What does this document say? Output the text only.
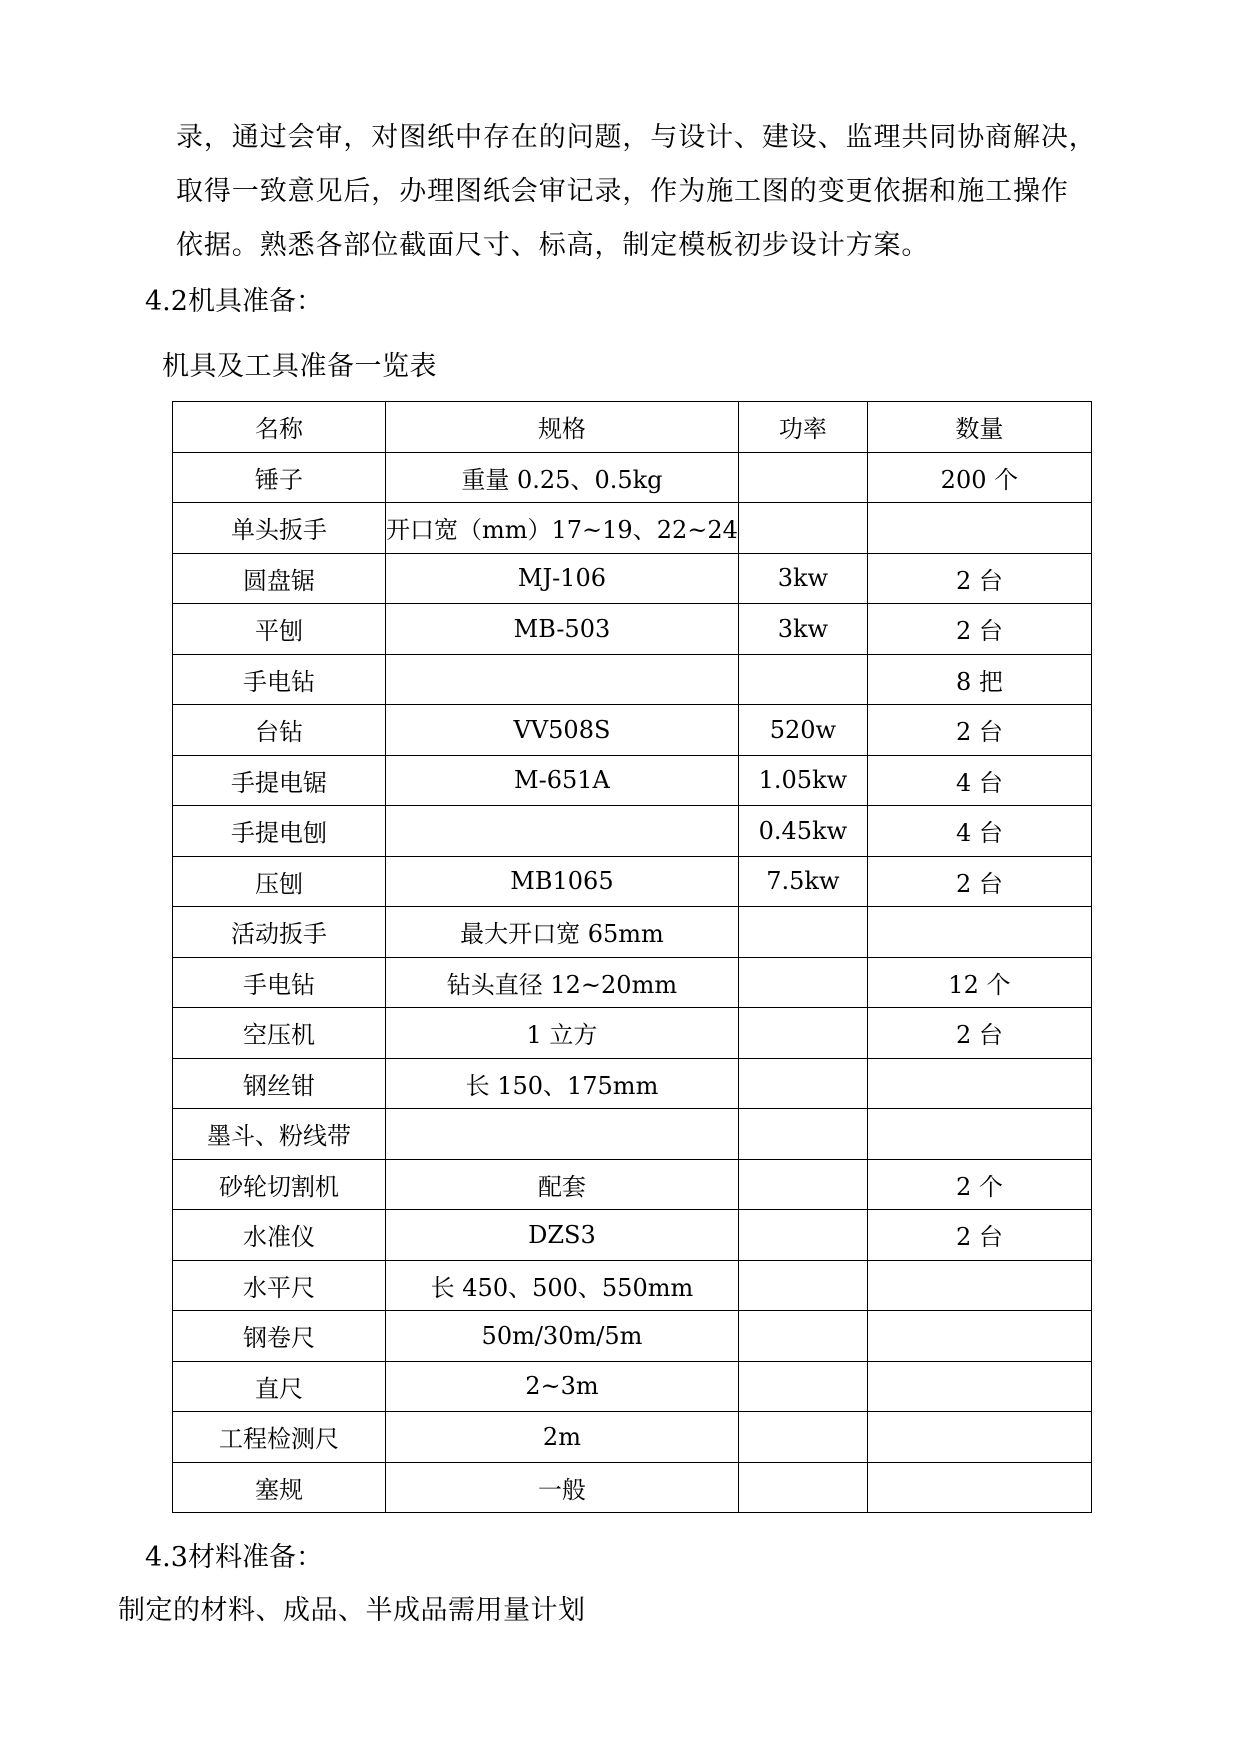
录，通过会审，对图纸中存在的问题，与设计、建设、监理共同协商解决，
取得一致意见后，办理图纸会审记录，作为施工图的变更依据和施工操作
依据。熟悉各部位截面尺寸、标高，制定模板初步设计方案。
4.2机具准备：
机具及工具准备一览表
名称	规格	功率	数量
锤子	重量 0.25、0.5kg		200 个
单头扳手	开口宽（mm）17~19、22~24		
圆盘锯	MJ-106	3kw	2 台
平刨	MB-503	3kw	2 台
手电钻			8 把
台钻	VV508S	520w	2 台
手提电锯	M-651A	1.05kw	4 台
手提电刨		0.45kw	4 台
压刨	MB1065	7.5kw	2 台
活动扳手	最大开口宽 65mm		
手电钻	钻头直径 12~20mm		12 个
空压机	1 立方		2 台
钢丝钳	长 150、175mm		
墨斗、粉线带			
砂轮切割机	配套		2 个
水准仪	DZS3		2 台
水平尺	长 450、500、550mm		
钢卷尺	50m/30m/5m		
直尺	2~3m		
工程检测尺	2m		
塞规	一般		
4.3材料准备：
制定的材料、成品、半成品需用量计划
